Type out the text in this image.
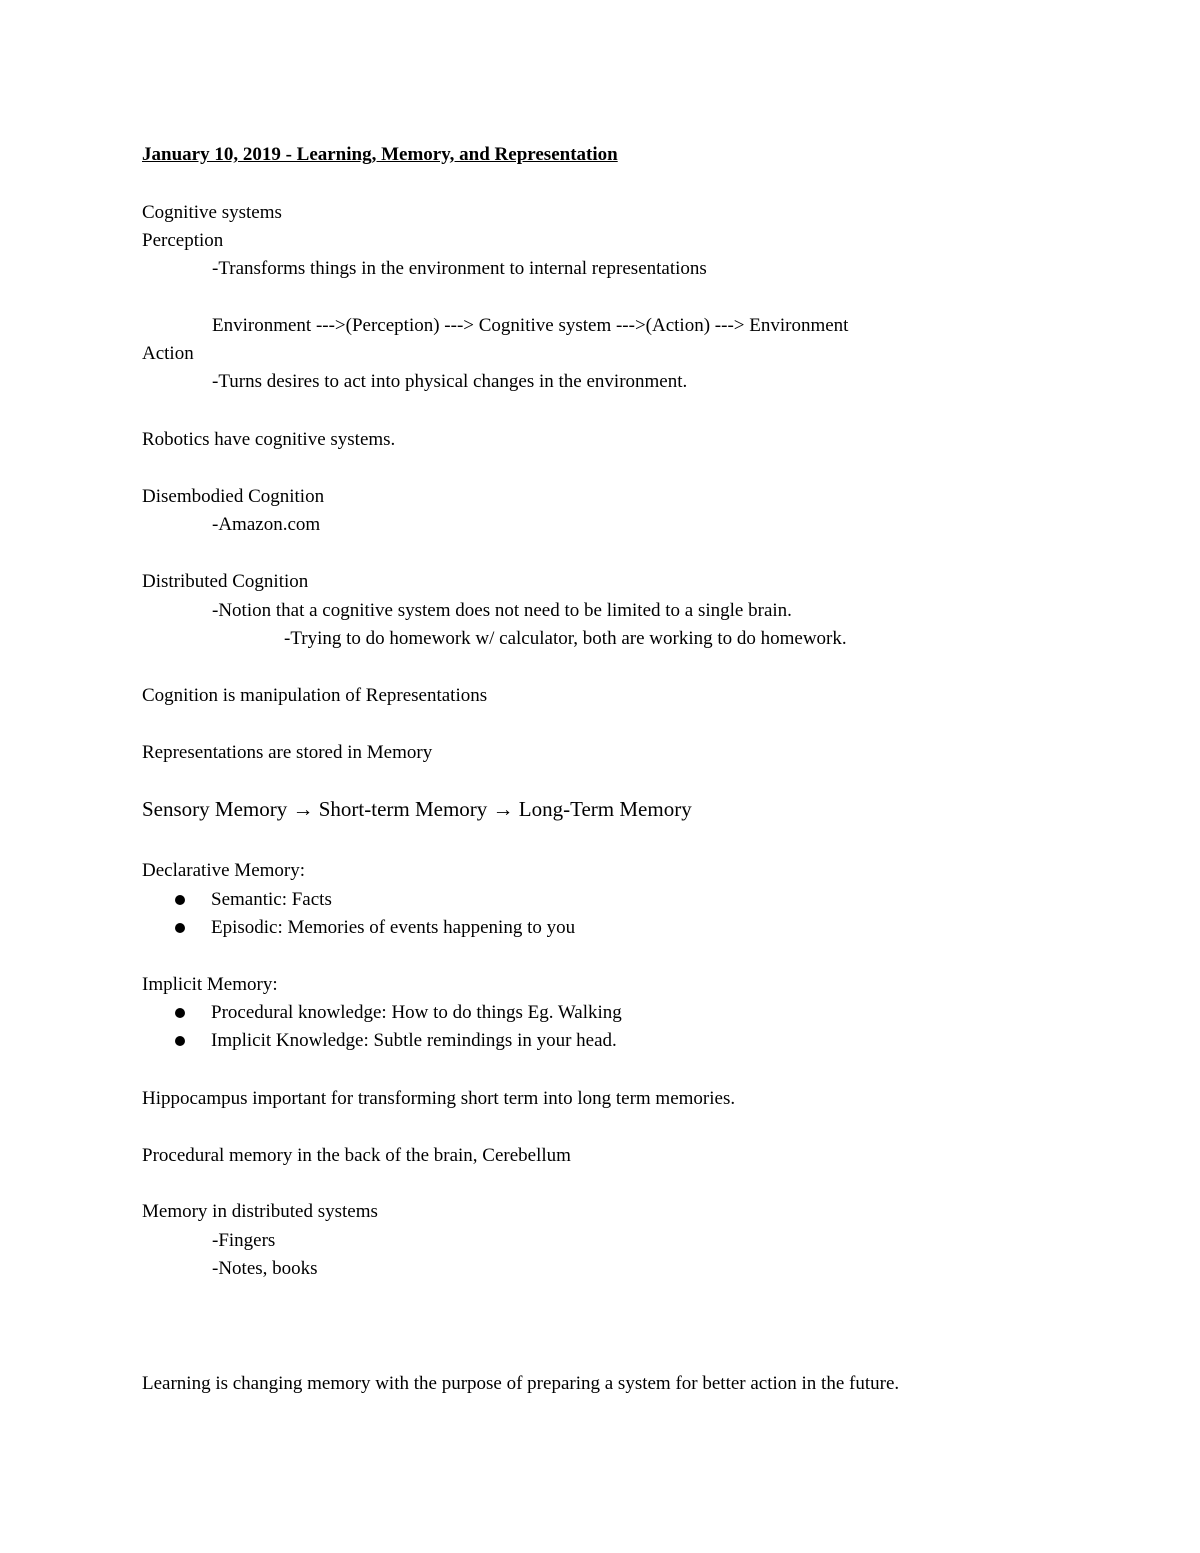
January 10, 2019 - Learning, Memory, and Representation
Cognitive systems
Perception
-Transforms things in the environment to internal representations
Environment --->(Perception) ---> Cognitive system --->(Action) ---> Environment
Action
-Turns desires to act into physical changes in the environment.
Robotics have cognitive systems.
Disembodied Cognition
-Amazon.com
Distributed Cognition
-Notion that a cognitive system does not need to be limited to a single brain.
-Trying to do homework w/ calculator, both are working to do homework.
Cognition is manipulation of Representations
Representations are stored in Memory
Sensory Memory → Short-term Memory → Long-Term Memory
Declarative Memory:
Semantic: Facts
Episodic: Memories of events happening to you
Implicit Memory:
Procedural knowledge: How to do things Eg. Walking
Implicit Knowledge: Subtle remindings in your head.
Hippocampus important for transforming short term into long term memories.
Procedural memory in the back of the brain, Cerebellum
Memory in distributed systems
-Fingers
-Notes, books
Learning is changing memory with the purpose of preparing a system for better action in the future.
